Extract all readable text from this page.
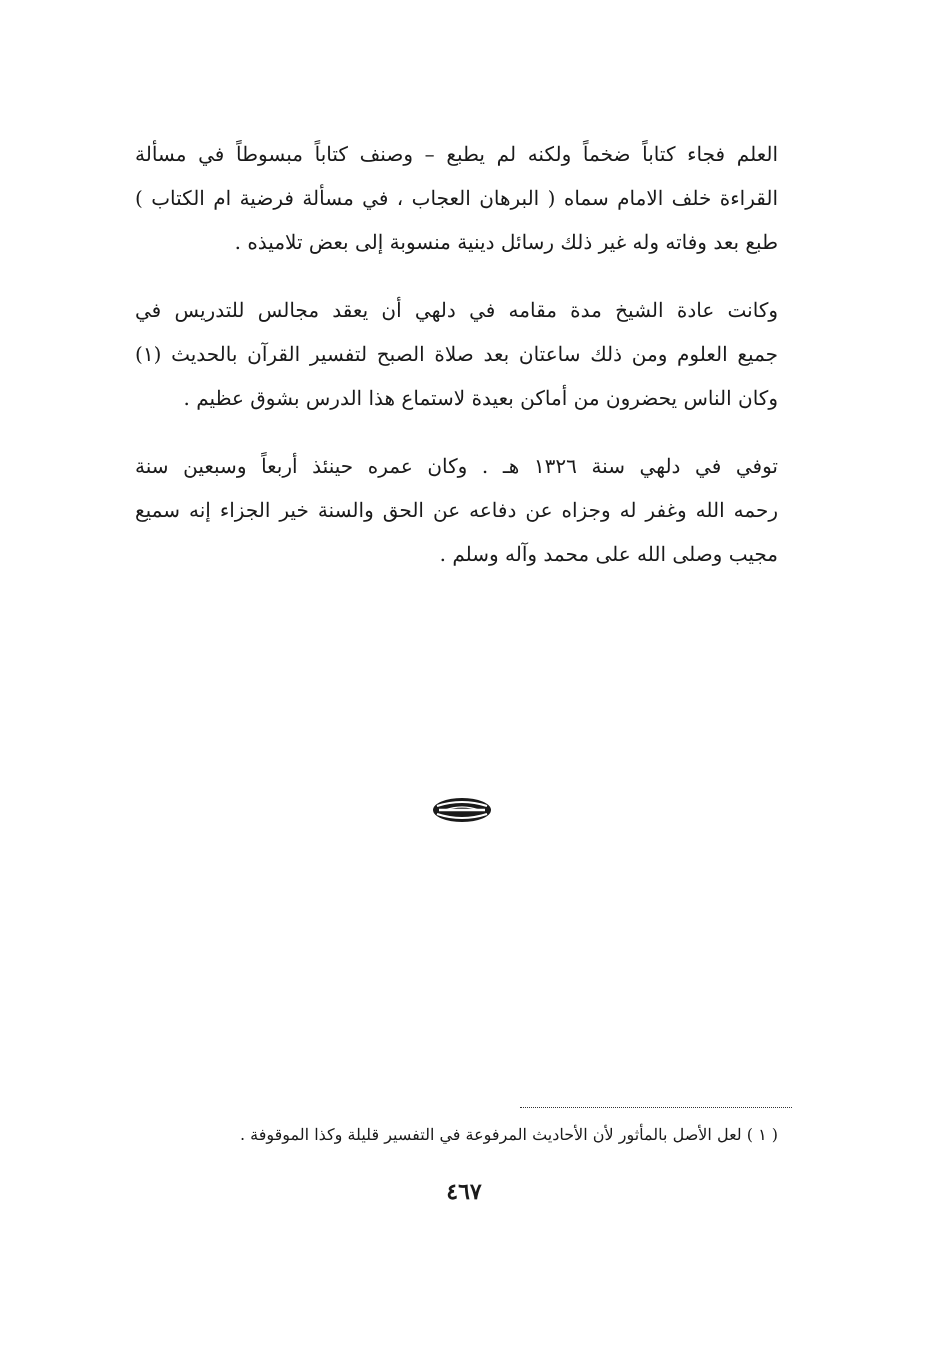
العلم فجاء كتاباً ضخماً ولكنه لم يطبع – وصنف كتاباً مبسوطاً في مسألة
القراءة خلف الامام سماه ( البرهان العجاب ، في مسألة فرضية ام الكتاب )
طبع بعد وفاته وله غير ذلك رسائل دينية منسوبة إلى بعض تلاميذه .
وكانت عادة الشيخ مدة مقامه في دلهي أن يعقد مجالس للتدريس في
جميع العلوم ومن ذلك ساعتان بعد صلاة الصبح لتفسير القرآن بالحديث (١)
وكان الناس يحضرون من أماكن بعيدة لاستماع هذا الدرس بشوق عظيم .
توفي في دلهي سنة ١٣٢٦ هـ . وكان عمره حينئذ أربعاً وسبعين سنة
رحمه الله وغفر له وجزاه عن دفاعه عن الحق والسنة خير الجزاء إنه سميع
مجيب وصلى الله على محمد وآله وسلم .
( ١ ) لعل الأصل بالمأثور لأن الأحاديث المرفوعة في التفسير قليلة وكذا الموقوفة .
٤٦٧
